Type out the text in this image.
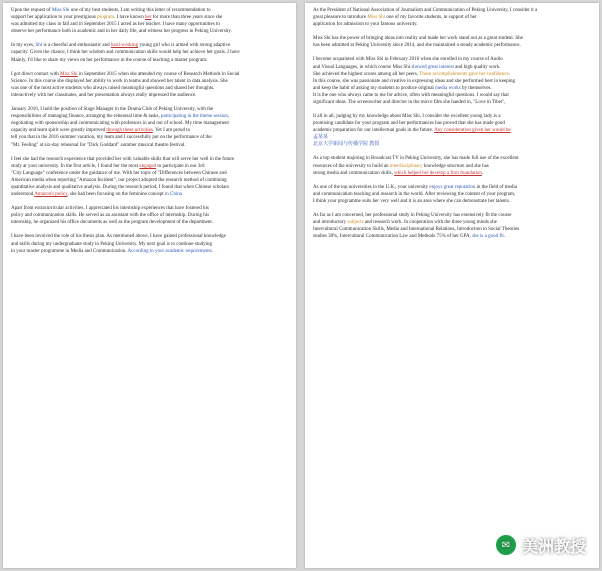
Upon the request of Miss Shi one of my best students, I am writing this letter of recommendation to
support her application to your prestigious program. I have known her for more than three years since she
was admitted my class in fall and in September 2015 I acted as her teacher. I have many opportunities to
observe her performance both in academic and in her daily life, and witness her progress in Peking University.
In my eyes, Shi is a cheerful and enthusiastic and hard-working young girl who is armed with strong adaptive
capacity. Given the chance, I think her wisdom and communication skills would help her achieve her goals. I have
Mainly, I'd like to share my views on her performance in the course of teaching a master program.
I got direct contact with Miss Shi in September 2015 when she attended my course of Research Methods in Social
Science. In this course she displayed her ability to work in teams and showed her talent in data analysis. She
was one of the most active students who always raised meaningful questions and shared her thoughts.
interactively with her classmates, and her presentation always really impressed the audience.
January 2016, I hold the position of Stage Manager in the Drama Club of Peking University, with the
responsibilities of managing finance, arranging the rehearsal time & tasks, participating in the theme session,
negotiating with sponsorship and communicating with professors in and out of school. My time management
capacity and team spirit were greatly improved through these activities. Yet I am proud to
tell you that in the 2016 summer vacation, my team and I successfully put on the performance of the
"Mr. Feeling" at six-day rehearsal for "Dick Goddard" summer musical theatre festival.
I feel she had the research experience that provided her with valuable skills that will serve her well in the future
study at your university. In the first article, I found her the most engaged to participate in our 3rd
"City Language" conference under the guidance of me. With her topic of "Differences between Chinese and
American media when reporting "Amazon Incident", our project adopted the research method of combining
quantitative analysis and qualitative analysis. During the research period, I found that when Chinese scholars
understood Amazon's policy, she had been focusing on the feminine concept in China
Apart from extracurricular activities, I appreciated his internship experiences that have fostered his
policy and communication skills. He served as an assistant with the office of internship. During his
internship, he organized his office documents as well as the program development of the department.
I have been involved the role of his thesis plan. As mentioned above, I have gained professional knowledge
and skills during my undergraduate study in Peking University. My next goal is to continue studying
in your master programme in Media and Communication. According to your academic requirements.
As the President of National Association of Journalism and Communication of Peking University, I consider it a
great pleasure to introduce Miss Shi one of my favorite students, in support of her
application for admission to your famous university.
Miss Shi has the power of bringing ideas into reality and made her work stand out as a great student. She
has been admitted at Peking University since 2014, and she maintained a steady academic performance.
I become acquainted with Miss Shi in February 2016 when she enrolled in my course of Audio
and Visual Languages, in which course Miss Shi showed great interest and high quality work.
She achieved the highest scores among all her peers. These accomplishments gave her confidence.
In this course, she was passionate and creative in expressing ideas and she performed best in keeping
and keep the habit of asking my students to produce original media works by themselves.
It is the one who always came to me for advice, often with meaningful questions. I would say that
significant ideas. The screenwriter and director in the micro film she handed in, "Love in Tibet",
It all in all, judging by my knowledge about Miss Shi, I consider the excellent young lady is a
promising candidate for your program and her performances has proved that she has made good
academic preparation for our intellectual goals in the future. Any consideration given her would be
孟某某
北京大学新闻与传播学院 教授
As a top student majoring in Broadcast TV in Peking University, she has made full use of the excellent
resources of the university to build an interdisciplinary knowledge structure and she has
strong media and communication skills, which helped her develop a firm foundation.
As one of the top universities in the U.K., your university enjoys great reputation in the field of media
and communication teaching and research in the world. After reviewing the content of your program,
I think your programme suits her very well and it is an area where she can demonstrate her talents.
As far as I am concerned, her professional study in Peking University has extensively fit the course
and introductory subjects and research work. In cooperation with the three young minds she
Intercultural Communication Skills, Media and International Relations, Introduction to Social Theories
studies 30%, Intercultural Communication Law and Methods 75% of her GPA, she is a good fit.
✉ 美洲教授
